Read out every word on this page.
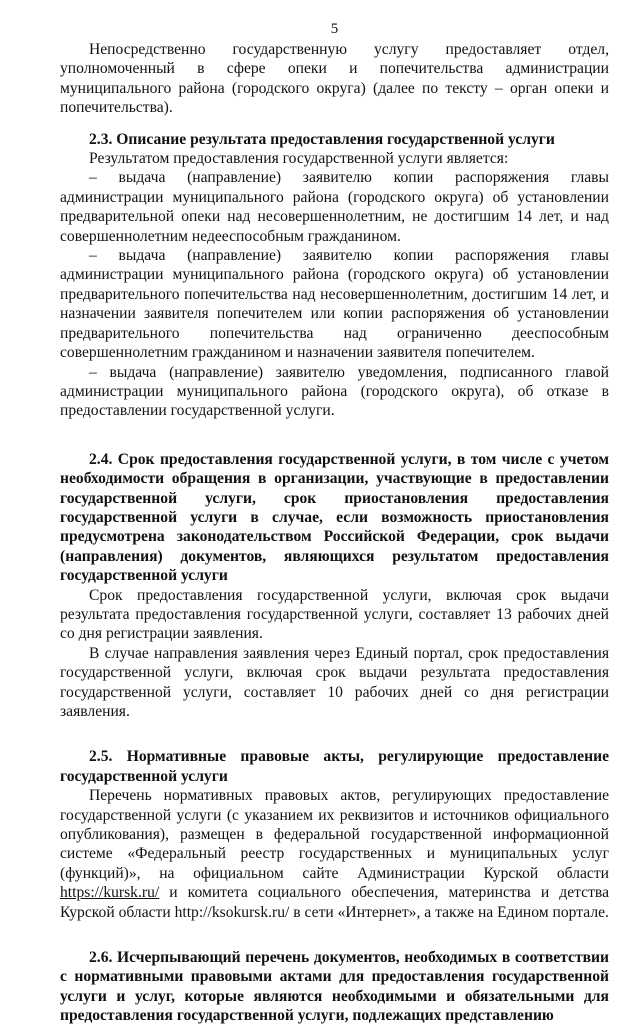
5

Непосредственно государственную услугу предоставляет отдел, уполномоченный в сфере опеки и попечительства администрации муниципального района (городского округа) (далее по тексту – орган опеки и попечительства).

2.3. Описание результата предоставления государственной услуги

Результатом предоставления государственной услуги является:

– выдача (направление) заявителю копии распоряжения главы администрации муниципального района (городского округа) об установлении предварительной опеки над несовершеннолетним, не достигшим 14 лет, и над совершеннолетним недееспособным гражданином.

– выдача (направление) заявителю копии распоряжения главы администрации муниципального района (городского округа) об установлении предварительного попечительства над несовершеннолетним, достигшим 14 лет, и назначении заявителя попечителем или копии распоряжения об установлении предварительного попечительства над ограниченно дееспособным совершеннолетним гражданином и назначении заявителя попечителем.

– выдача (направление) заявителю уведомления, подписанного главой администрации муниципального района (городского округа), об отказе в предоставлении государственной услуги.

2.4. Срок предоставления государственной услуги, в том числе с учетом необходимости обращения в организации, участвующие в предоставлении государственной услуги, срок приостановления предоставления государственной услуги в случае, если возможность приостановления предусмотрена законодательством Российской Федерации, срок выдачи (направления) документов, являющихся результатом предоставления государственной услуги

Срок предоставления государственной услуги, включая срок выдачи результата предоставления государственной услуги, составляет 13 рабочих дней со дня регистрации заявления.

В случае направления заявления через Единый портал, срок предоставления государственной услуги, включая срок выдачи результата предоставления государственной услуги, составляет 10 рабочих дней со дня регистрации заявления.

2.5. Нормативные правовые акты, регулирующие предоставление государственной услуги

Перечень нормативных правовых актов, регулирующих предоставление государственной услуги (с указанием их реквизитов и источников официального опубликования), размещен в федеральной государственной информационной системе «Федеральный реестр государственных и муниципальных услуг (функций)», на официальном сайте Администрации Курской области https://kursk.ru/ и комитета социального обеспечения, материнства и детства Курской области http://ksokursk.ru/ в сети «Интернет», а также на Едином портале.

2.6. Исчерпывающий перечень документов, необходимых в соответствии с нормативными правовыми актами для предоставления государственной услуги и услуг, которые являются необходимыми и обязательными для предоставления государственной услуги, подлежащих представлению
